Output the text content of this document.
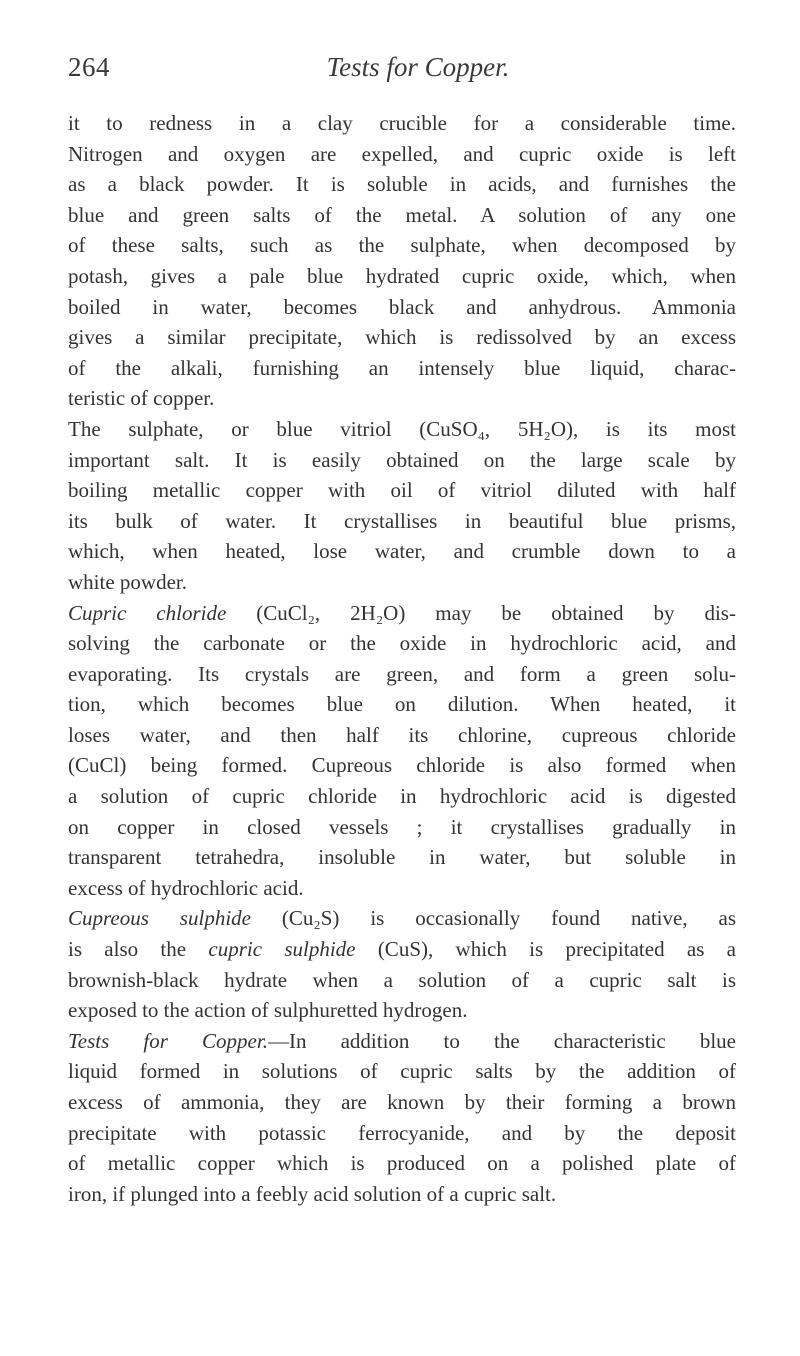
264	Tests for Copper.
it to redness in a clay crucible for a considerable time.
Nitrogen and oxygen are expelled, and cupric oxide is left
as a black powder. It is soluble in acids, and furnishes the
blue and green salts of the metal. A solution of any one
of these salts, such as the sulphate, when decomposed by
potash, gives a pale blue hydrated cupric oxide, which, when
boiled in water, becomes black and anhydrous. Ammonia
gives a similar precipitate, which is redissolved by an excess
of the alkali, furnishing an intensely blue liquid, charac-
teristic of copper.
The sulphate, or blue vitriol (CuSO₄, 5H₂O), is its most
important salt. It is easily obtained on the large scale by
boiling metallic copper with oil of vitriol diluted with half
its bulk of water. It crystallises in beautiful blue prisms,
which, when heated, lose water, and crumble down to a
white powder.
Cupric chloride (CuCl₂, 2H₂O) may be obtained by dis-
solving the carbonate or the oxide in hydrochloric acid, and
evaporating. Its crystals are green, and form a green solu-
tion, which becomes blue on dilution. When heated, it
loses water, and then half its chlorine, cupreous chloride
(CuCl) being formed. Cupreous chloride is also formed when
a solution of cupric chloride in hydrochloric acid is digested
on copper in closed vessels ; it crystallises gradually in
transparent tetrahedra, insoluble in water, but soluble in
excess of hydrochloric acid.
Cupreous sulphide (Cu₂S) is occasionally found native, as
is also the cupric sulphide (CuS), which is precipitated as a
brownish-black hydrate when a solution of a cupric salt is
exposed to the action of sulphuretted hydrogen.
Tests for Copper.—In addition to the characteristic blue
liquid formed in solutions of cupric salts by the addition of
excess of ammonia, they are known by their forming a brown
precipitate with potassic ferrocyanide, and by the deposit
of metallic copper which is produced on a polished plate of
iron, if plunged into a feebly acid solution of a cupric salt.
